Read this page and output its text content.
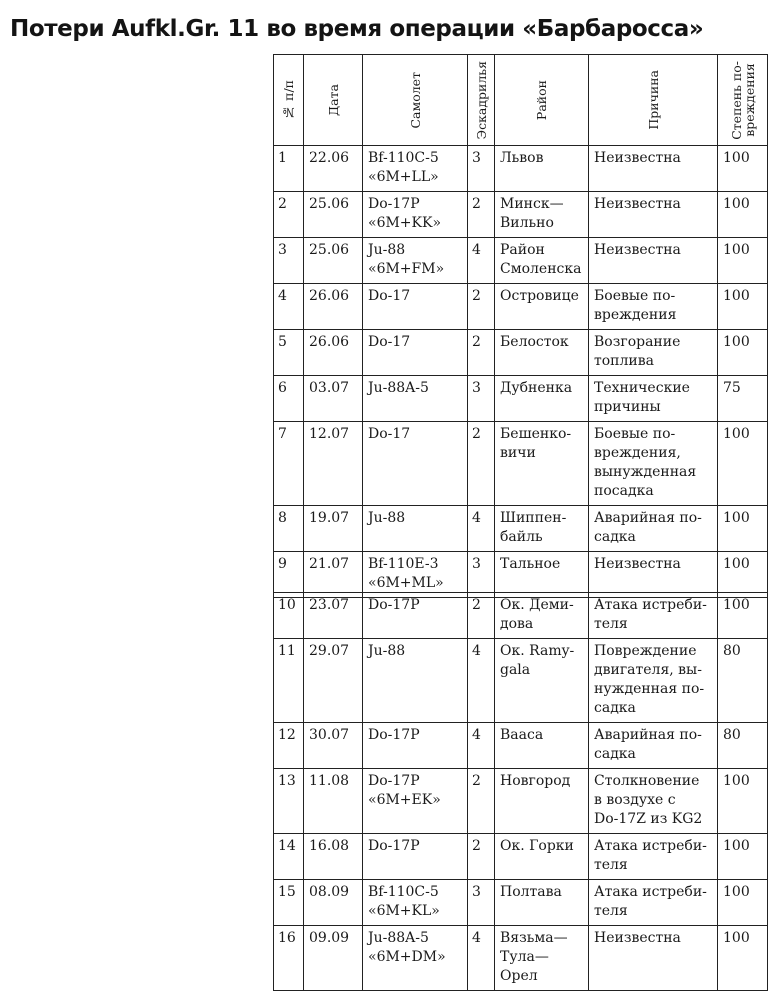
Потери Aufkl.Gr. 11 во время операции «Барбаросса»
№ п/п	Дата	Самолет	Эскадрилья	Район	Причина	Степень по-
вреждения

1	22.06	Bf-110C-5
«6M+LL»	3	Львов	Неизвестна	100
2	25.06	Do-17P
«6M+KK»	2	Минск—
Вильно	Неизвестна	100
3	25.06	Ju-88
«6M+FM»	4	Район
Смоленска	Неизвестна	100
4	26.06	Do-17	2	Островице	Боевые по-
вреждения	100
5	26.06	Do-17	2	Белосток	Возгорание
топлива	100
6	03.07	Ju-88A-5	3	Дубненка	Технические
причины	75
7	12.07	Do-17	2	Бешенко-
вичи	Боевые по-
вреждения,
вынужденная
посадка	100
8	19.07	Ju-88	4	Шиппен-
байль	Аварийная по-
садка	100
9	21.07	Bf-110E-3
«6M+ML»	3	Тальное	Неизвестна	100
10	23.07	Do-17P	2	Ок. Деми-
дова	Атака истреби-
теля	100
11	29.07	Ju-88	4	Ок. Ramy-
gala	Повреждение
двигателя, вы-
нужденная по-
садка	80
12	30.07	Do-17P	4	Вааса	Аварийная по-
садка	80
13	11.08	Do-17P
«6M+EK»	2	Новгород	Столкновение
в воздухе с
Do-17Z из KG2	100
14	16.08	Do-17P	2	Ок. Горки	Атака истреби-
теля	100
15	08.09	Bf-110C-5
«6M+KL»	3	Полтава	Атака истреби-
теля	100
16	09.09	Ju-88A-5
«6M+DM»	4	Вязьма—
Тула—
Орел	Неизвестна	100
